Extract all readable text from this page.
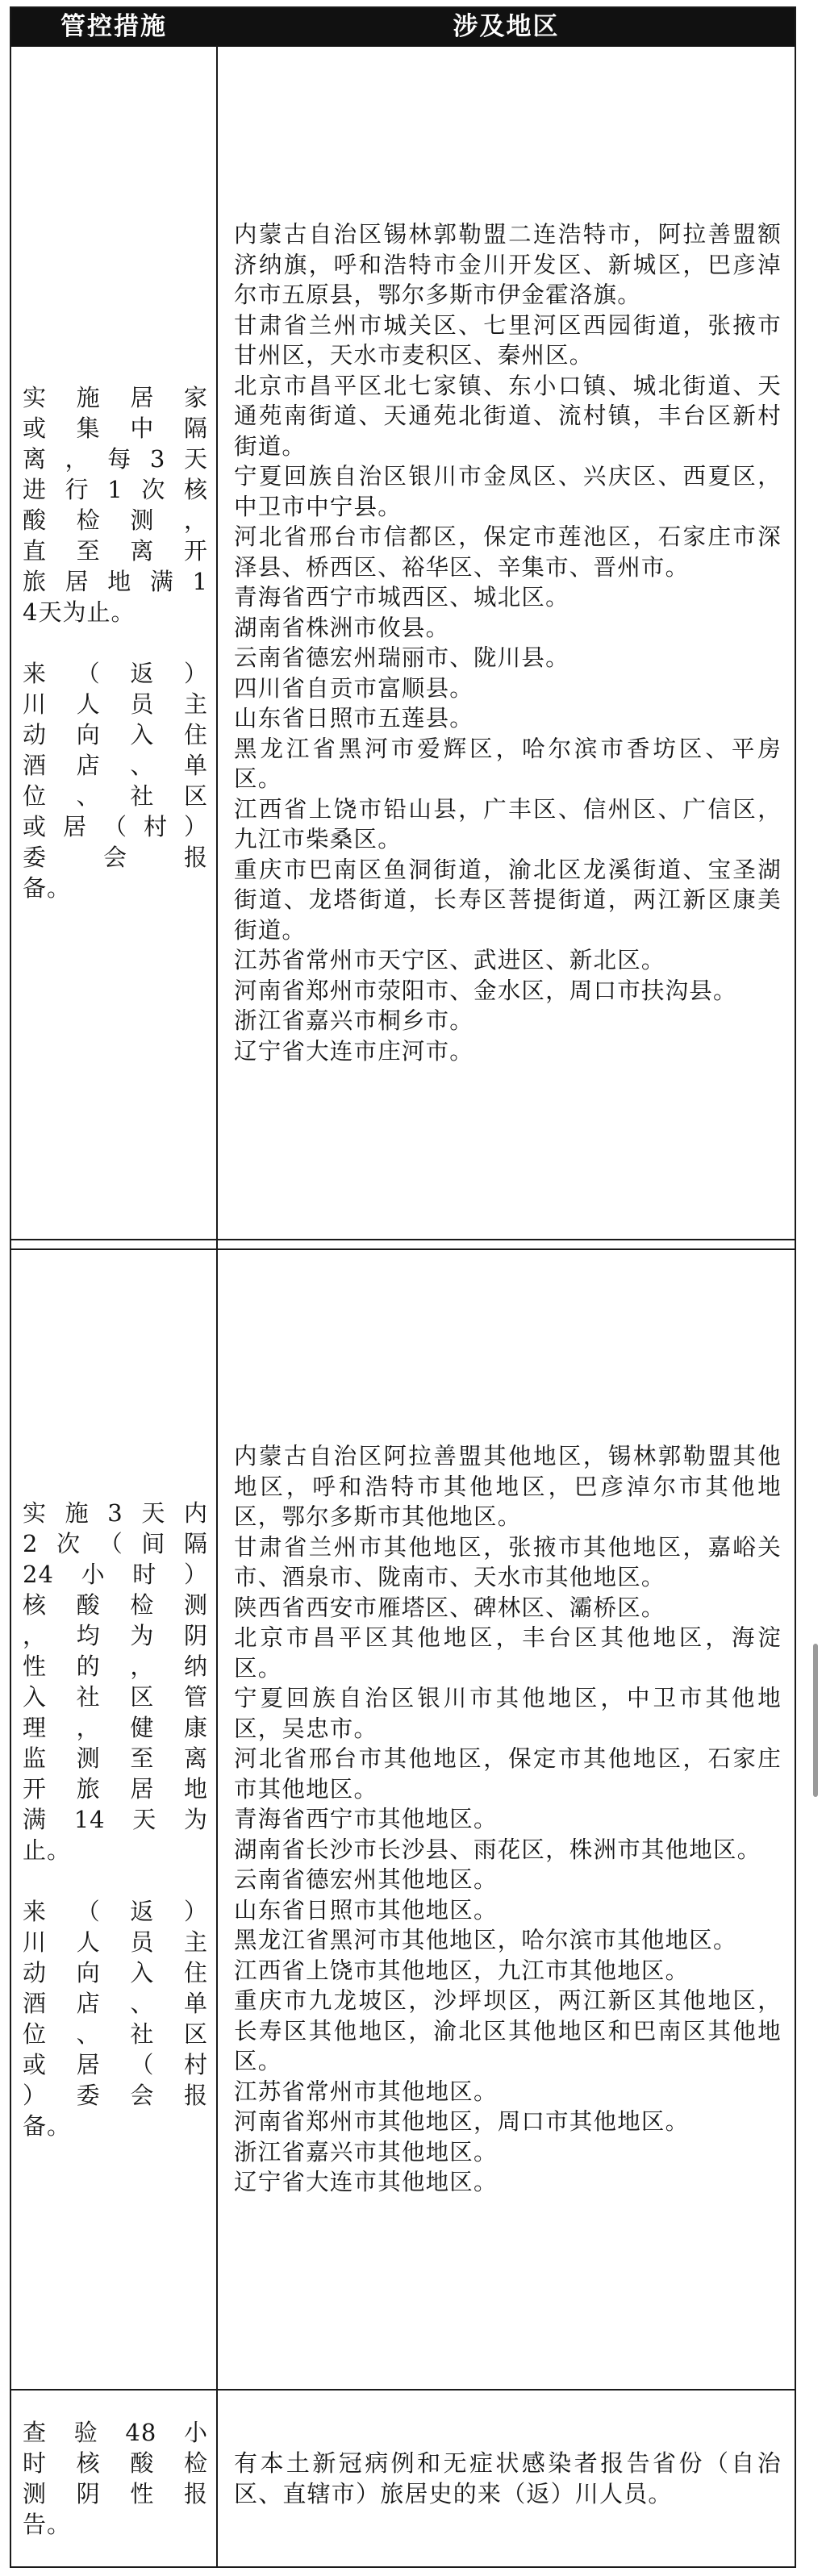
管控措施	涉及地区

实施居家

或集中隔

离，每3天

进行1次核

酸检测，

直至离开

旅居地满1

4天为止。

来（返）

川人员主

动向入住

酒店、单

位、社区

或居（村）

委会报

备。

内蒙古自治区锡林郭勒盟二连浩特市，阿拉善盟额济纳旗，呼和浩特市金川开发区、新城区，巴彦淖尔市五原县，鄂尔多斯市伊金霍洛旗。

甘肃省兰州市城关区、七里河区西园街道，张掖市甘州区，天水市麦积区、秦州区。

北京市昌平区北七家镇、东小口镇、城北街道、天通苑南街道、天通苑北街道、流村镇，丰台区新村街道。

宁夏回族自治区银川市金凤区、兴庆区、西夏区，中卫市中宁县。

河北省邢台市信都区，保定市莲池区，石家庄市深泽县、桥西区、裕华区、辛集市、晋州市。

青海省西宁市城西区、城北区。

湖南省株洲市攸县。

云南省德宏州瑞丽市、陇川县。

四川省自贡市富顺县。

山东省日照市五莲县。

黑龙江省黑河市爱辉区，哈尔滨市香坊区、平房区。

江西省上饶市铅山县，广丰区、信州区、广信区，九江市柴桑区。

重庆市巴南区鱼洞街道，渝北区龙溪街道、宝圣湖街道、龙塔街道，长寿区菩提街道，两江新区康美街道。

江苏省常州市天宁区、武进区、新北区。

河南省郑州市荥阳市、金水区，周口市扶沟县。

浙江省嘉兴市桐乡市。

辽宁省大连市庄河市。

实施3天内

2次（间隔

24小时）

核酸检测

，均为阴

性的，纳

入社区管

理，健康

监测至离

开旅居地

满14天为

止。

来（返）

川人员主

动向入住

酒店、单

位、社区

或居（村

）委会报

备。

内蒙古自治区阿拉善盟其他地区，锡林郭勒盟其他地区，呼和浩特市其他地区，巴彦淖尔市其他地区，鄂尔多斯市其他地区。

甘肃省兰州市其他地区，张掖市其他地区，嘉峪关市、酒泉市、陇南市、天水市其他地区。

陕西省西安市雁塔区、碑林区、灞桥区。

北京市昌平区其他地区，丰台区其他地区，海淀区。

宁夏回族自治区银川市其他地区，中卫市其他地区，吴忠市。

河北省邢台市其他地区，保定市其他地区，石家庄市其他地区。

青海省西宁市其他地区。

湖南省长沙市长沙县、雨花区，株洲市其他地区。

云南省德宏州其他地区。

山东省日照市其他地区。

黑龙江省黑河市其他地区，哈尔滨市其他地区。

江西省上饶市其他地区，九江市其他地区。

重庆市九龙坡区，沙坪坝区，两江新区其他地区，长寿区其他地区，渝北区其他地区和巴南区其他地区。

江苏省常州市其他地区。

河南省郑州市其他地区，周口市其他地区。

浙江省嘉兴市其他地区。

辽宁省大连市其他地区。

查验48小

时核酸检

测阴性报

告。

有本土新冠病例和无症状感染者报告省份（自治区、直辖市）旅居史的来（返）川人员。
